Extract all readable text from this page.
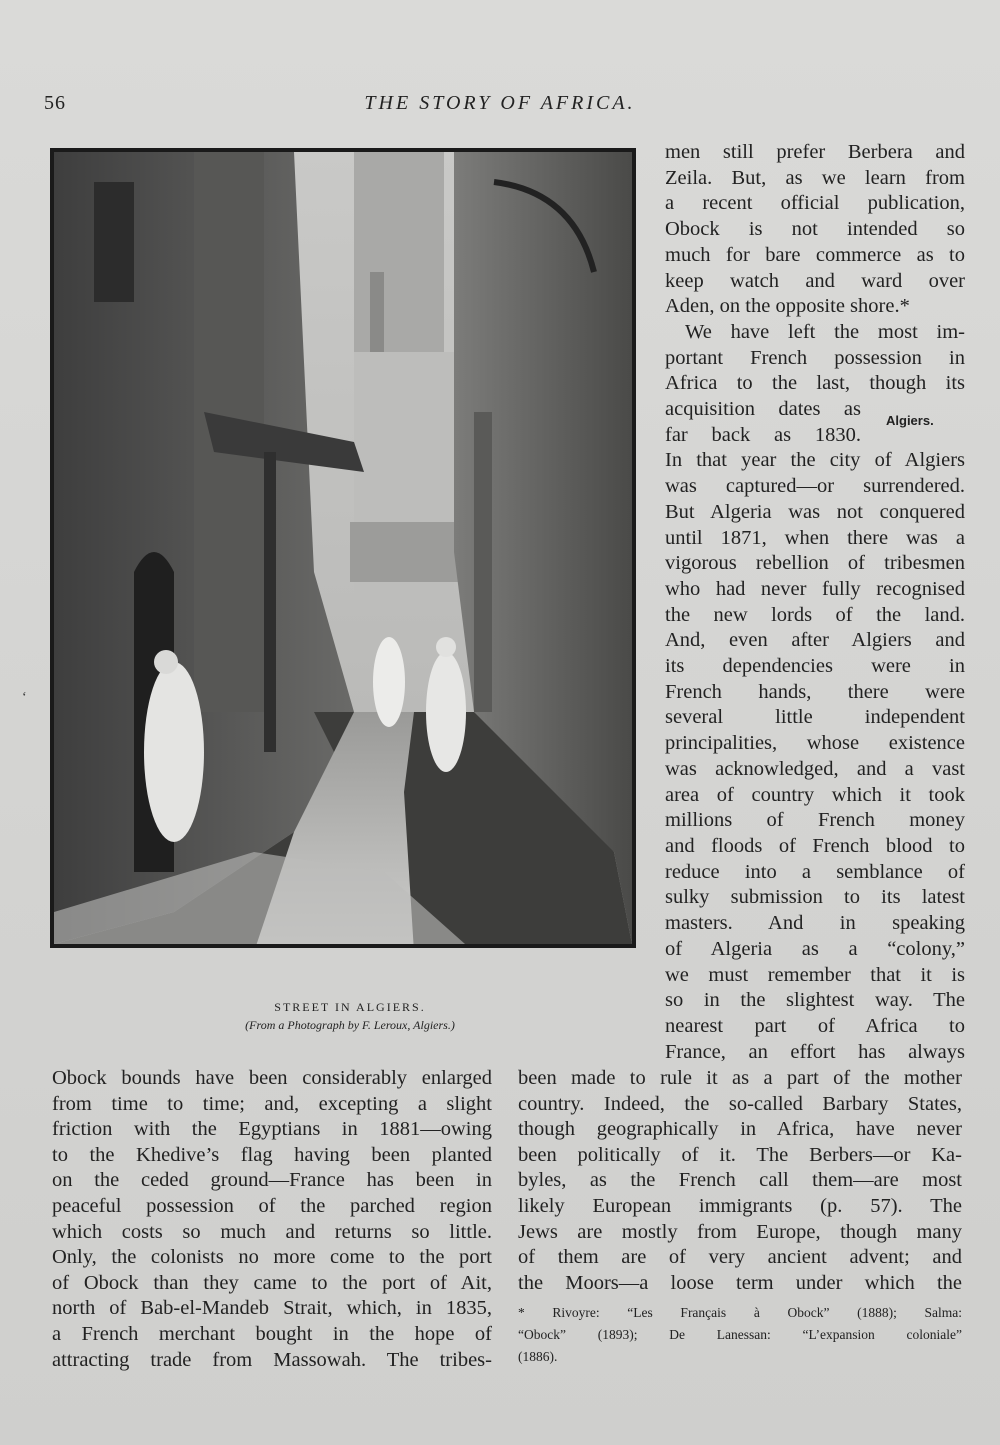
56	THE STORY OF AFRICA.
‘
STREET IN ALGIERS.
(From a Photograph by F. Leroux, Algiers.)
men still prefer Berbera and
Zeila. But, as we learn from
a recent official publication,
Obock is not intended so
much for bare commerce as to
keep watch and ward over
Aden, on the opposite shore.*
We have left the most im-
portant French possession in
Africa to the last, though its
acquisition dates as
far back as 1830.
In that year the city of Algiers
was captured—or surrendered.
But Algeria was not conquered
until 1871, when there was a
vigorous rebellion of tribesmen
who had never fully recognised
the new lords of the land.
And, even after Algiers and
its dependencies were in
French hands, there were
several little independent
principalities, whose existence
was acknowledged, and a vast
area of country which it took
millions of French money
and floods of French blood to
reduce into a semblance of
sulky submission to its latest
masters. And in speaking
of Algeria as a “colony,”
we must remember that it is
so in the slightest way. The
nearest part of Africa to
France, an effort has always
Algiers.
Obock bounds have been considerably enlarged
from time to time; and, excepting a slight
friction with the Egyptians in 1881—owing
to the Khedive’s flag having been planted
on the ceded ground—France has been in
peaceful possession of the parched region
which costs so much and returns so little.
Only, the colonists no more come to the port
of Obock than they came to the port of Ait,
north of Bab-el-Mandeb Strait, which, in 1835,
a French merchant bought in the hope of
attracting trade from Massowah. The tribes-
been made to rule it as a part of the mother
country. Indeed, the so-called Barbary States,
though geographically in Africa, have never
been politically of it. The Berbers—or Ka-
byles, as the French call them—are most
likely European immigrants (p. 57). The
Jews are mostly from Europe, though many
of them are of very ancient advent; and
the Moors—a loose term under which the
* Rivoyre: “Les Français à Obock” (1888); Salma:
“Obock” (1893); De Lanessan: “L’expansion coloniale”
(1886).
